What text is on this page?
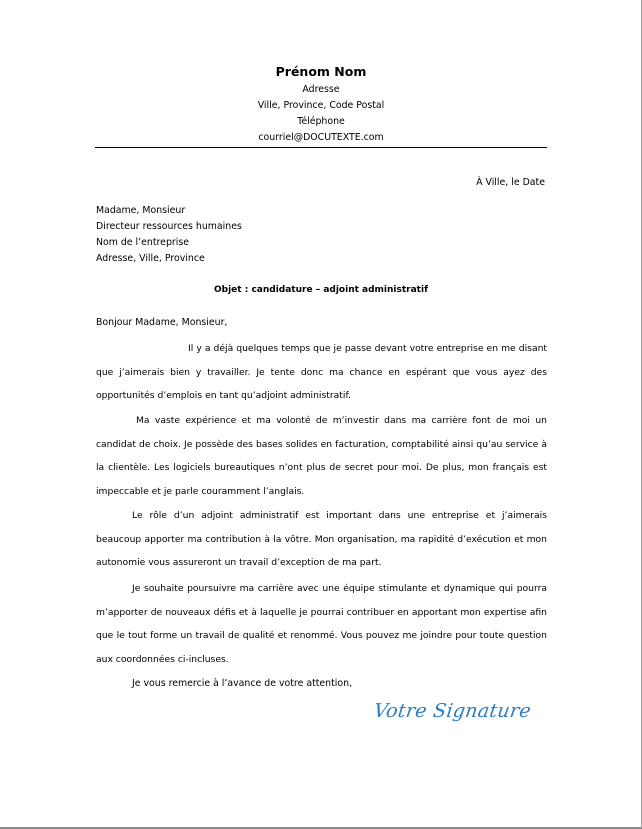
Prénom Nom
Adresse
Ville, Province, Code Postal
Téléphone
courriel@DOCUTEXTE.com
À Ville, le Date
Madame, Monsieur
Directeur ressources humaines
Nom de l’entreprise
Adresse, Ville, Province
Objet : candidature – adjoint administratif
Bonjour Madame, Monsieur,
Il y a déjà quelques temps que je passe devant votre entreprise en me disant que j’aimerais bien y travailler. Je tente donc ma chance en espérant que vous ayez des opportunités d’emplois en tant qu’adjoint administratif.
Ma vaste expérience et ma volonté de m’investir dans ma carrière font de moi un candidat de choix. Je possède des bases solides en facturation, comptabilité ainsi qu’au service à la clientèle. Les logiciels bureautiques n’ont plus de secret pour moi. De plus, mon français est impeccable et je parle couramment l’anglais.
Le rôle d’un adjoint administratif est important dans une entreprise et j’aimerais beaucoup apporter ma contribution à la vôtre. Mon organisation, ma rapidité d’exécution et mon autonomie vous assureront un travail d’exception de ma part.
Je souhaite poursuivre ma carrière avec une équipe stimulante et dynamique qui pourra m’apporter de nouveaux défis et à laquelle je pourrai contribuer en apportant mon expertise afin que le tout forme un travail de qualité et renommé. Vous pouvez me joindre pour toute question aux coordonnées ci-incluses.
Je vous remercie à l’avance de votre attention,
Votre Signature
